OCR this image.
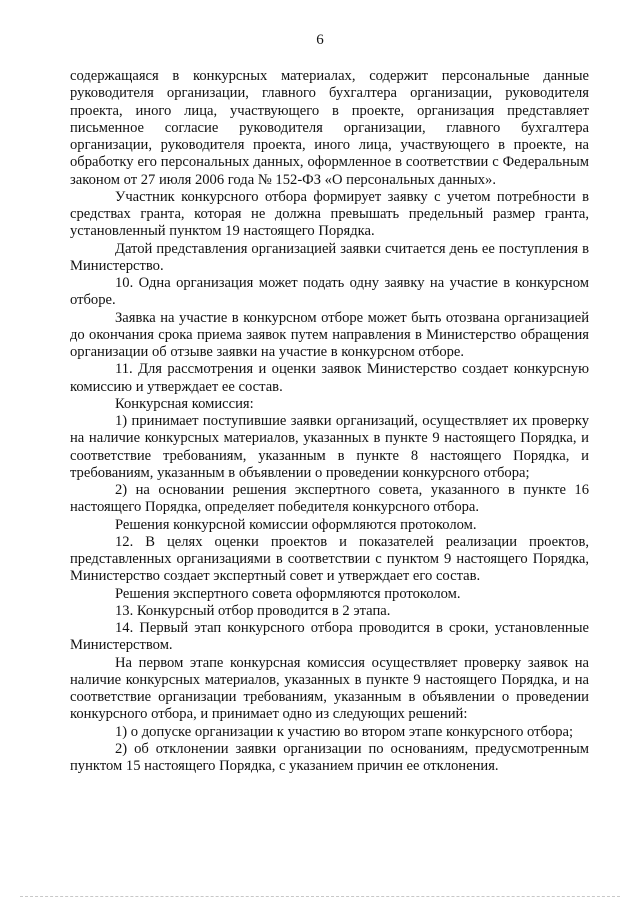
6

содержащаяся в конкурсных материалах, содержит персональные данные руководителя организации, главного бухгалтера организации, руководителя проекта, иного лица, участвующего в проекте, организация представляет письменное согласие руководителя организации, главного бухгалтера организации, руководителя проекта, иного лица, участвующего в проекте, на обработку его персональных данных, оформленное в соответствии с Федеральным законом от 27 июля 2006 года № 152-ФЗ «О персональных данных».

Участник конкурсного отбора формирует заявку с учетом потребности в средствах гранта, которая не должна превышать предельный размер гранта, установленный пунктом 19 настоящего Порядка.

Датой представления организацией заявки считается день ее поступления в Министерство.

10. Одна организация может подать одну заявку на участие в конкурсном отборе.

Заявка на участие в конкурсном отборе может быть отозвана организацией до окончания срока приема заявок путем направления в Министерство обращения организации об отзыве заявки на участие в конкурсном отборе.

11. Для рассмотрения и оценки заявок Министерство создает конкурсную комиссию и утверждает ее состав.

Конкурсная комиссия:

1) принимает поступившие заявки организаций, осуществляет их проверку на наличие конкурсных материалов, указанных в пункте 9 настоящего Порядка, и соответствие требованиям, указанным в пункте 8 настоящего Порядка, и требованиям, указанным в объявлении о проведении конкурсного отбора;

2) на основании решения экспертного совета, указанного в пункте 16 настоящего Порядка, определяет победителя конкурсного отбора.

Решения конкурсной комиссии оформляются протоколом.

12. В целях оценки проектов и показателей реализации проектов, представленных организациями в соответствии с пунктом 9 настоящего Порядка, Министерство создает экспертный совет и утверждает его состав.

Решения экспертного совета оформляются протоколом.

13. Конкурсный отбор проводится в 2 этапа.

14. Первый этап конкурсного отбора проводится в сроки, установленные Министерством.

На первом этапе конкурсная комиссия осуществляет проверку заявок на наличие конкурсных материалов, указанных в пункте 9 настоящего Порядка, и на соответствие организации требованиям, указанным в объявлении о проведении конкурсного отбора, и принимает одно из следующих решений:

1) о допуске организации к участию во втором этапе конкурсного отбора;

2) об отклонении заявки организации по основаниям, предусмотренным пунктом 15 настоящего Порядка, с указанием причин ее отклонения.
